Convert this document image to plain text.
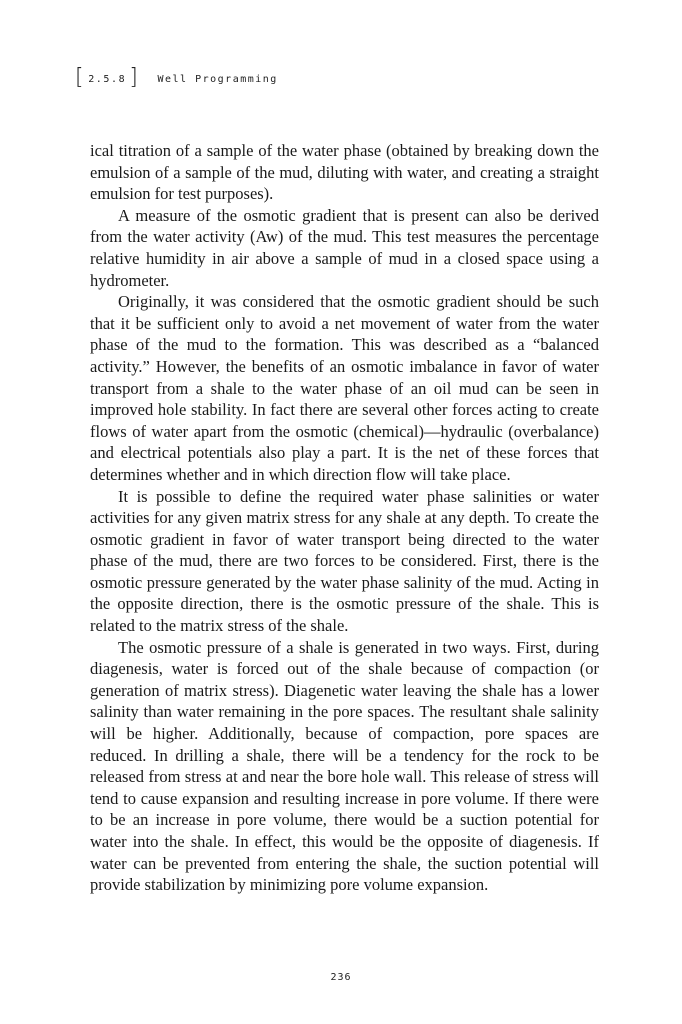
[ 2.5.8 ] Well Programming

ical titration of a sample of the water phase (obtained by breaking down the emulsion of a sample of the mud, diluting with water, and creating a straight emulsion for test purposes).

A measure of the osmotic gradient that is present can also be derived from the water activity (Aw) of the mud. This test measures the percentage relative humidity in air above a sample of mud in a closed space using a hydrometer.

Originally, it was considered that the osmotic gradient should be such that it be sufficient only to avoid a net movement of water from the water phase of the mud to the formation. This was described as a “balanced activity.” However, the benefits of an osmotic imbalance in favor of water transport from a shale to the water phase of an oil mud can be seen in improved hole stability. In fact there are several other forces acting to create flows of water apart from the osmotic (chemical)—hydraulic (overbalance) and electrical potentials also play a part. It is the net of these forces that determines whether and in which direction flow will take place.

It is possible to define the required water phase salinities or water activities for any given matrix stress for any shale at any depth. To create the osmotic gradient in favor of water transport being directed to the water phase of the mud, there are two forces to be considered. First, there is the osmotic pressure generated by the water phase salinity of the mud. Acting in the opposite direction, there is the osmotic pressure of the shale. This is related to the matrix stress of the shale.

The osmotic pressure of a shale is generated in two ways. First, during diagenesis, water is forced out of the shale because of compaction (or generation of matrix stress). Diagenetic water leaving the shale has a lower salinity than water remaining in the pore spaces. The resultant shale salinity will be higher. Additionally, because of compaction, pore spaces are reduced. In drilling a shale, there will be a tendency for the rock to be released from stress at and near the bore hole wall. This release of stress will tend to cause expansion and resulting increase in pore volume. If there were to be an increase in pore volume, there would be a suction potential for water into the shale. In effect, this would be the opposite of diagenesis. If water can be prevented from entering the shale, the suction potential will provide stabilization by minimizing pore volume expansion.

236
